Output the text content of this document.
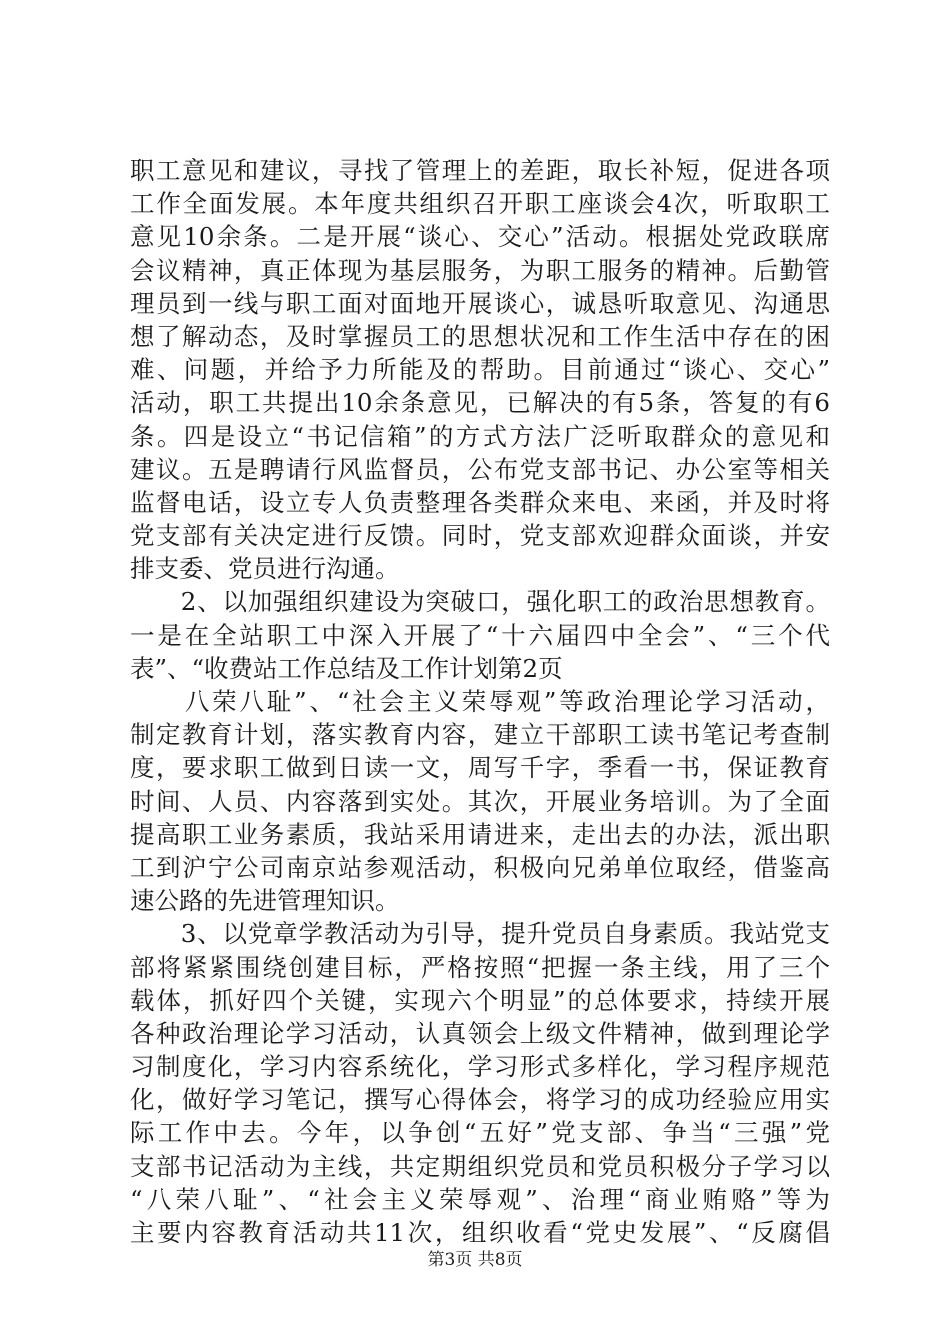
职工意见和建议，寻找了管理上的差距，取长补短，促进各项
工作全面发展。本年度共组织召开职工座谈会4次，听取职工
意见10余条。二是开展“谈心、交心”活动。根据处党政联席
会议精神，真正体现为基层服务，为职工服务的精神。后勤管
理员到一线与职工面对面地开展谈心，诚恳听取意见、沟通思
想了解动态，及时掌握员工的思想状况和工作生活中存在的困
难、问题，并给予力所能及的帮助。目前通过“谈心、交心”
活动，职工共提出10余条意见，已解决的有5条，答复的有6
条。四是设立“书记信箱”的方式方法广泛听取群众的意见和
建议。五是聘请行风监督员，公布党支部书记、办公室等相关
监督电话，设立专人负责整理各类群众来电、来函，并及时将
党支部有关决定进行反馈。同时，党支部欢迎群众面谈，并安
排支委、党员进行沟通。
　　2、以加强组织建设为突破口，强化职工的政治思想教育。
一是在全站职工中深入开展了“十六届四中全会”、“三个代
表”、“收费站工作总结及工作计划第2页
　　八荣八耻”、“社会主义荣辱观”等政治理论学习活动，
制定教育计划，落实教育内容，建立干部职工读书笔记考查制
度，要求职工做到日读一文，周写千字，季看一书，保证教育
时间、人员、内容落到实处。其次，开展业务培训。为了全面
提高职工业务素质，我站采用请进来，走出去的办法，派出职
工到沪宁公司南京站参观活动，积极向兄弟单位取经，借鉴高
速公路的先进管理知识。
　　3、以党章学教活动为引导，提升党员自身素质。我站党支
部将紧紧围绕创建目标，严格按照“把握一条主线，用了三个
载体，抓好四个关键，实现六个明显”的总体要求，持续开展
各种政治理论学习活动，认真领会上级文件精神，做到理论学
习制度化，学习内容系统化，学习形式多样化，学习程序规范
化，做好学习笔记，撰写心得体会，将学习的成功经验应用实
际工作中去。今年，以争创“五好”党支部、争当“三强”党
支部书记活动为主线，共定期组织党员和党员积极分子学习以
“八荣八耻”、“社会主义荣辱观”、治理“商业贿赂”等为
主要内容教育活动共11次，组织收看“党史发展”、“反腐倡
第3页 共8页
